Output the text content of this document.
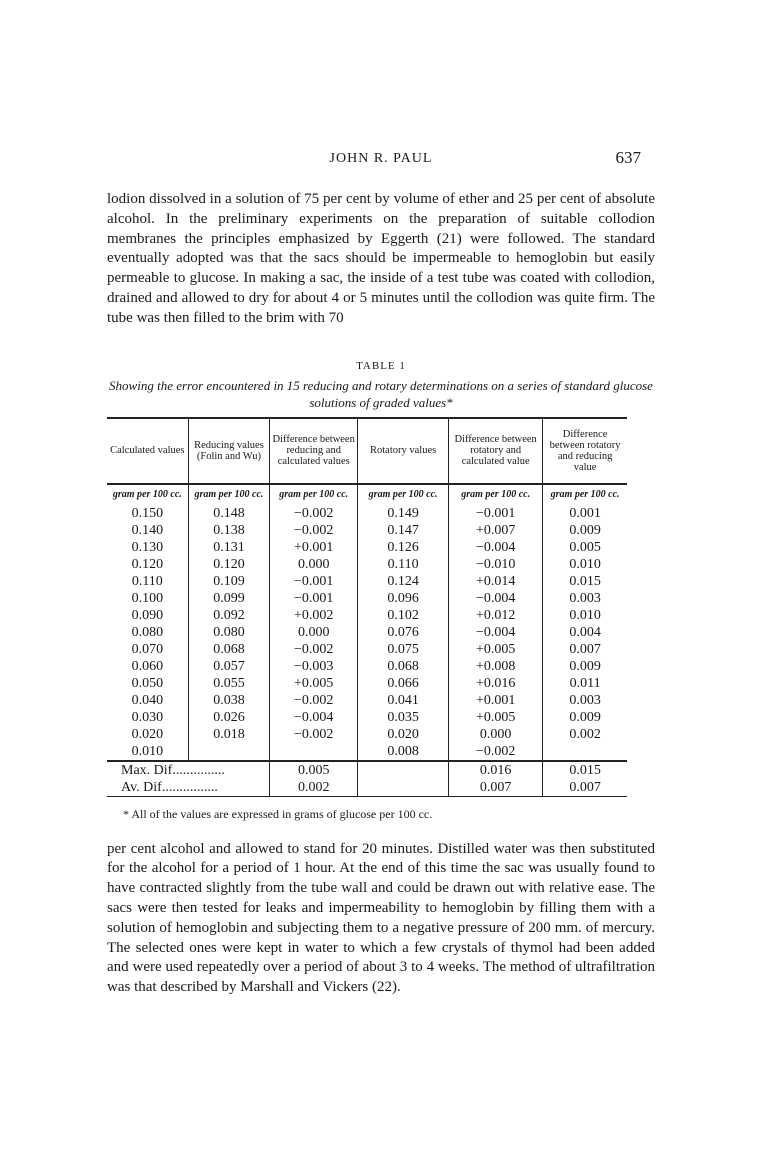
JOHN R. PAUL	637

lodion dissolved in a solution of 75 per cent by volume of ether and 25 per cent of absolute alcohol. In the preliminary experiments on the preparation of suitable collodion membranes the principles emphasized by Eggerth (21) were followed. The standard eventually adopted was that the sacs should be impermeable to hemoglobin but easily permeable to glucose. In making a sac, the inside of a test tube was coated with collodion, drained and allowed to dry for about 4 or 5 minutes until the collodion was quite firm. The tube was then filled to the brim with 70

TABLE 1
Showing the error encountered in 15 reducing and rotary determinations on a series of standard glucose solutions of graded values*
Calculated values	Reducing values (Folin and Wu)	Difference between reducing and calculated values	Rotatory values	Difference between rotatory and calculated value	Difference between rotatory and reducing value
gram per 100 cc.	gram per 100 cc.	gram per 100 cc.	gram per 100 cc.	gram per 100 cc.	gram per 100 cc.
0.150	0.148	−0.002	0.149	−0.001	0.001
0.140	0.138	−0.002	0.147	+0.007	0.009
0.130	0.131	+0.001	0.126	−0.004	0.005
0.120	0.120	0.000	0.110	−0.010	0.010
0.110	0.109	−0.001	0.124	+0.014	0.015
0.100	0.099	−0.001	0.096	−0.004	0.003
0.090	0.092	+0.002	0.102	+0.012	0.010
0.080	0.080	0.000	0.076	−0.004	0.004
0.070	0.068	−0.002	0.075	+0.005	0.007
0.060	0.057	−0.003	0.068	+0.008	0.009
0.050	0.055	+0.005	0.066	+0.016	0.011
0.040	0.038	−0.002	0.041	+0.001	0.003
0.030	0.026	−0.004	0.035	+0.005	0.009
0.020	0.018	−0.002	0.020	0.000	0.002
0.010			0.008	−0.002	
Max. Dif...............		0.005		0.016	0.015
Av. Dif................		0.002		0.007	0.007
* All of the values are expressed in grams of glucose per 100 cc.

per cent alcohol and allowed to stand for 20 minutes. Distilled water was then substituted for the alcohol for a period of 1 hour. At the end of this time the sac was usually found to have contracted slightly from the tube wall and could be drawn out with relative ease. The sacs were then tested for leaks and impermeability to hemoglobin by filling them with a solution of hemoglobin and subjecting them to a negative pressure of 200 mm. of mercury. The selected ones were kept in water to which a few crystals of thymol had been added and were used repeatedly over a period of about 3 to 4 weeks. The method of ultrafiltration was that described by Marshall and Vickers (22).
